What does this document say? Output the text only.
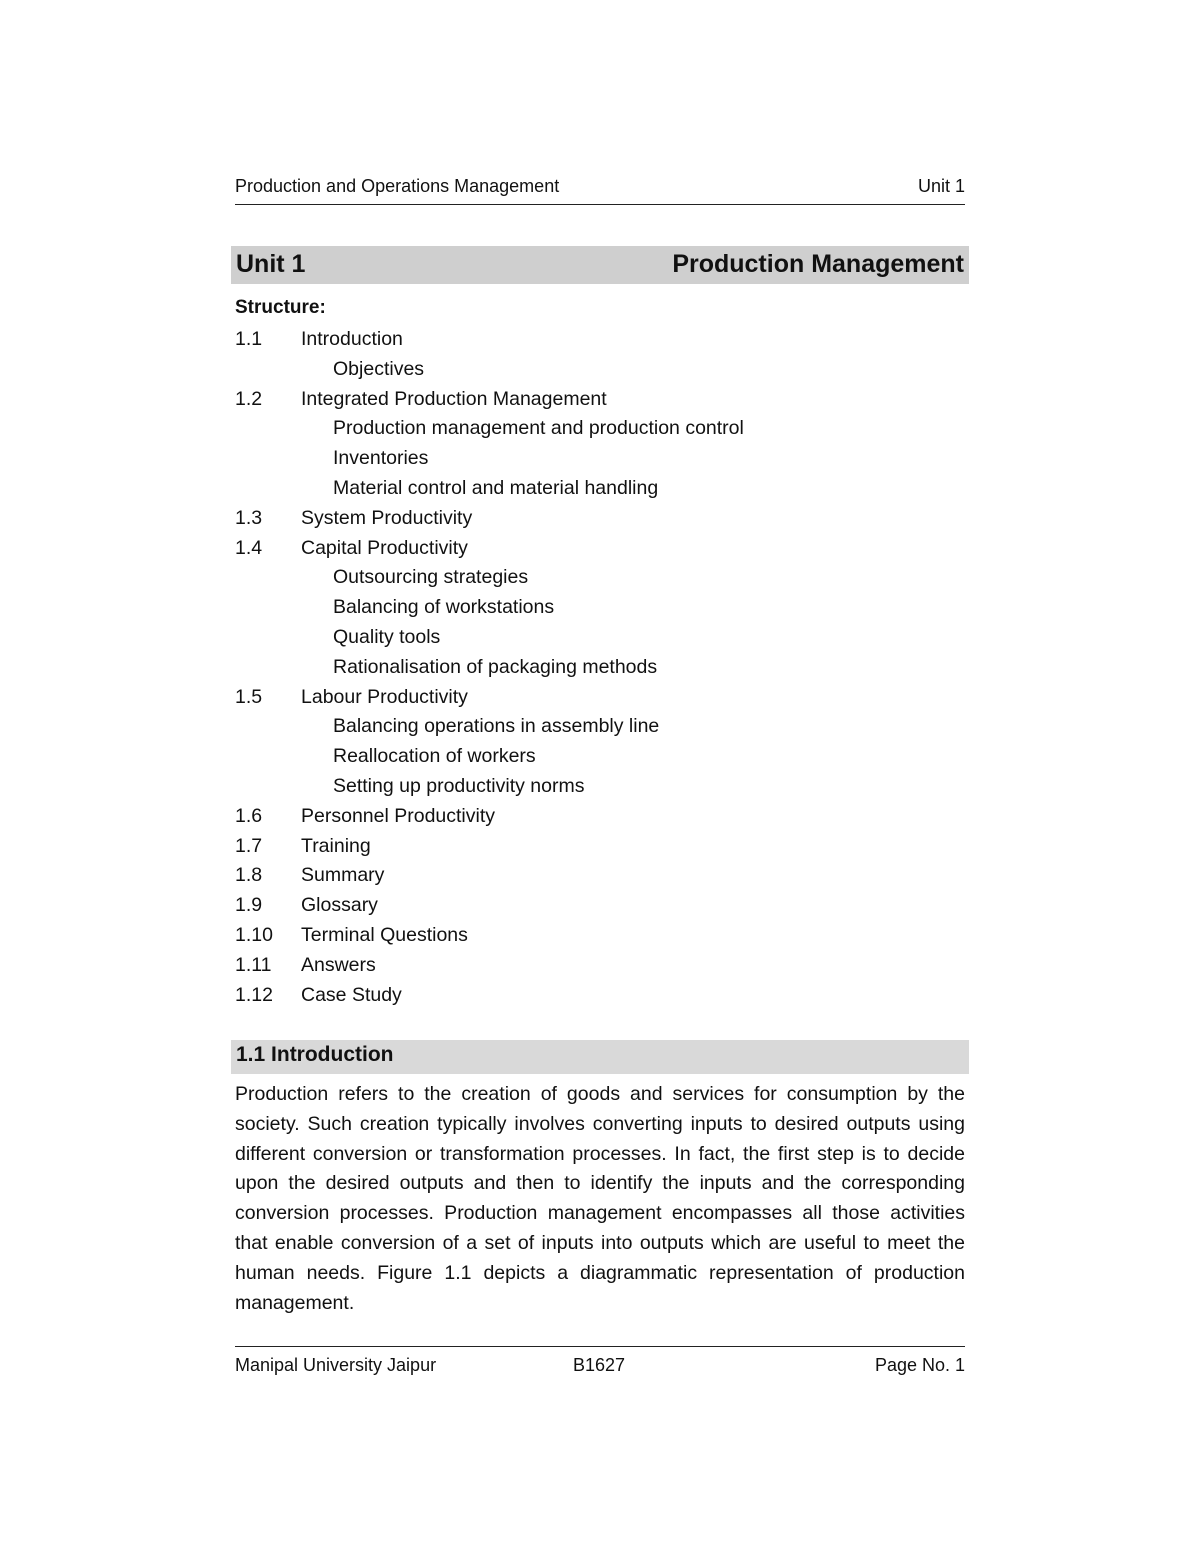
Production and Operations Management	Unit 1
Unit 1	Production Management
Structure:
1.1 Introduction
Objectives
1.2 Integrated Production Management
Production management and production control
Inventories
Material control and material handling
1.3 System Productivity
1.4 Capital Productivity
Outsourcing strategies
Balancing of workstations
Quality tools
Rationalisation of packaging methods
1.5 Labour Productivity
Balancing operations in assembly line
Reallocation of workers
Setting up productivity norms
1.6 Personnel Productivity
1.7 Training
1.8 Summary
1.9 Glossary
1.10 Terminal Questions
1.11 Answers
1.12 Case Study
1.1 Introduction

Production refers to the creation of goods and services for consumption by the society. Such creation typically involves converting inputs to desired outputs using different conversion or transformation processes. In fact, the first step is to decide upon the desired outputs and then to identify the inputs and the corresponding conversion processes. Production management encompasses all those activities that enable conversion of a set of inputs into outputs which are useful to meet the human needs. Figure 1.1 depicts a diagrammatic representation of production management.

Manipal University Jaipur	B1627	Page No. 1
